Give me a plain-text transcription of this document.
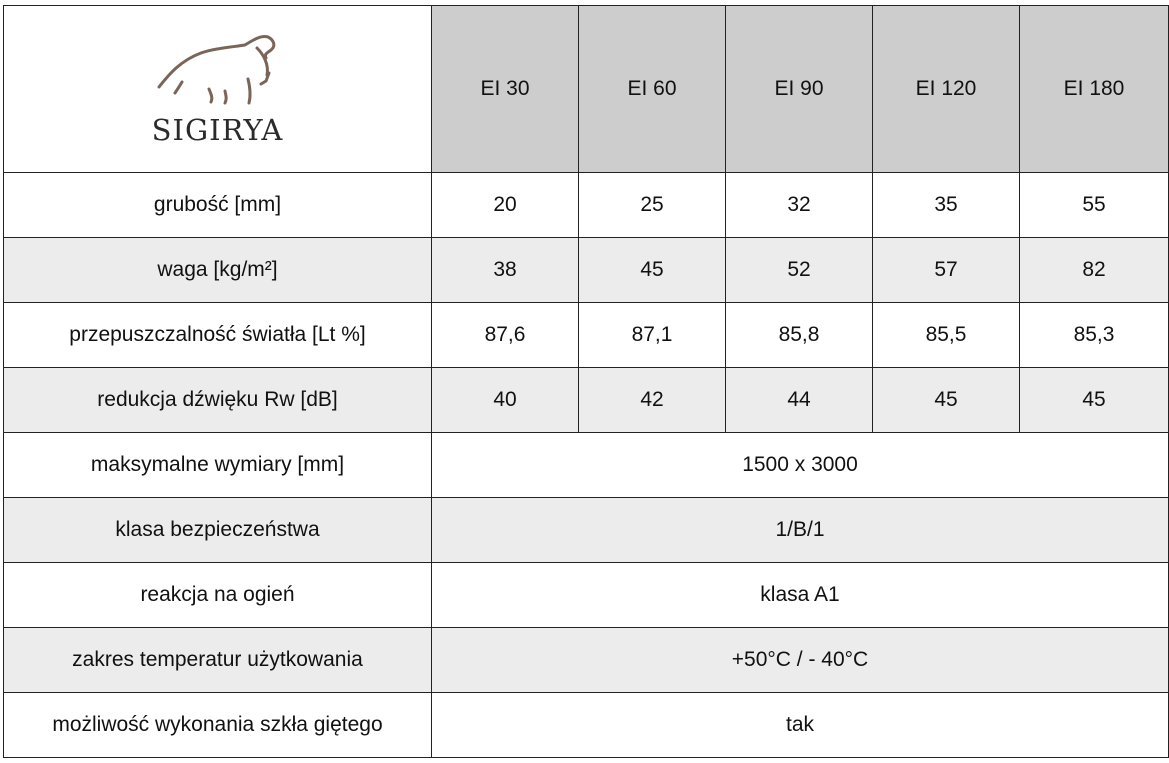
SIGIRYA	EI 30	EI 60	EI 90	EI 120	EI 180
grubość [mm]	20	25	32	35	55
waga [kg/m²]	38	45	52	57	82
przepuszczalność światła [Lt %]	87,6	87,1	85,8	85,5	85,3
redukcja dźwięku Rw [dB]	40	42	44	45	45
maksymalne wymiary [mm]	1500 x 3000				
klasa bezpieczeństwa	1/B/1				
reakcja na ogień	klasa A1				
zakres temperatur użytkowania	+50°C / - 40°C				
możliwość wykonania szkła giętego	tak				
